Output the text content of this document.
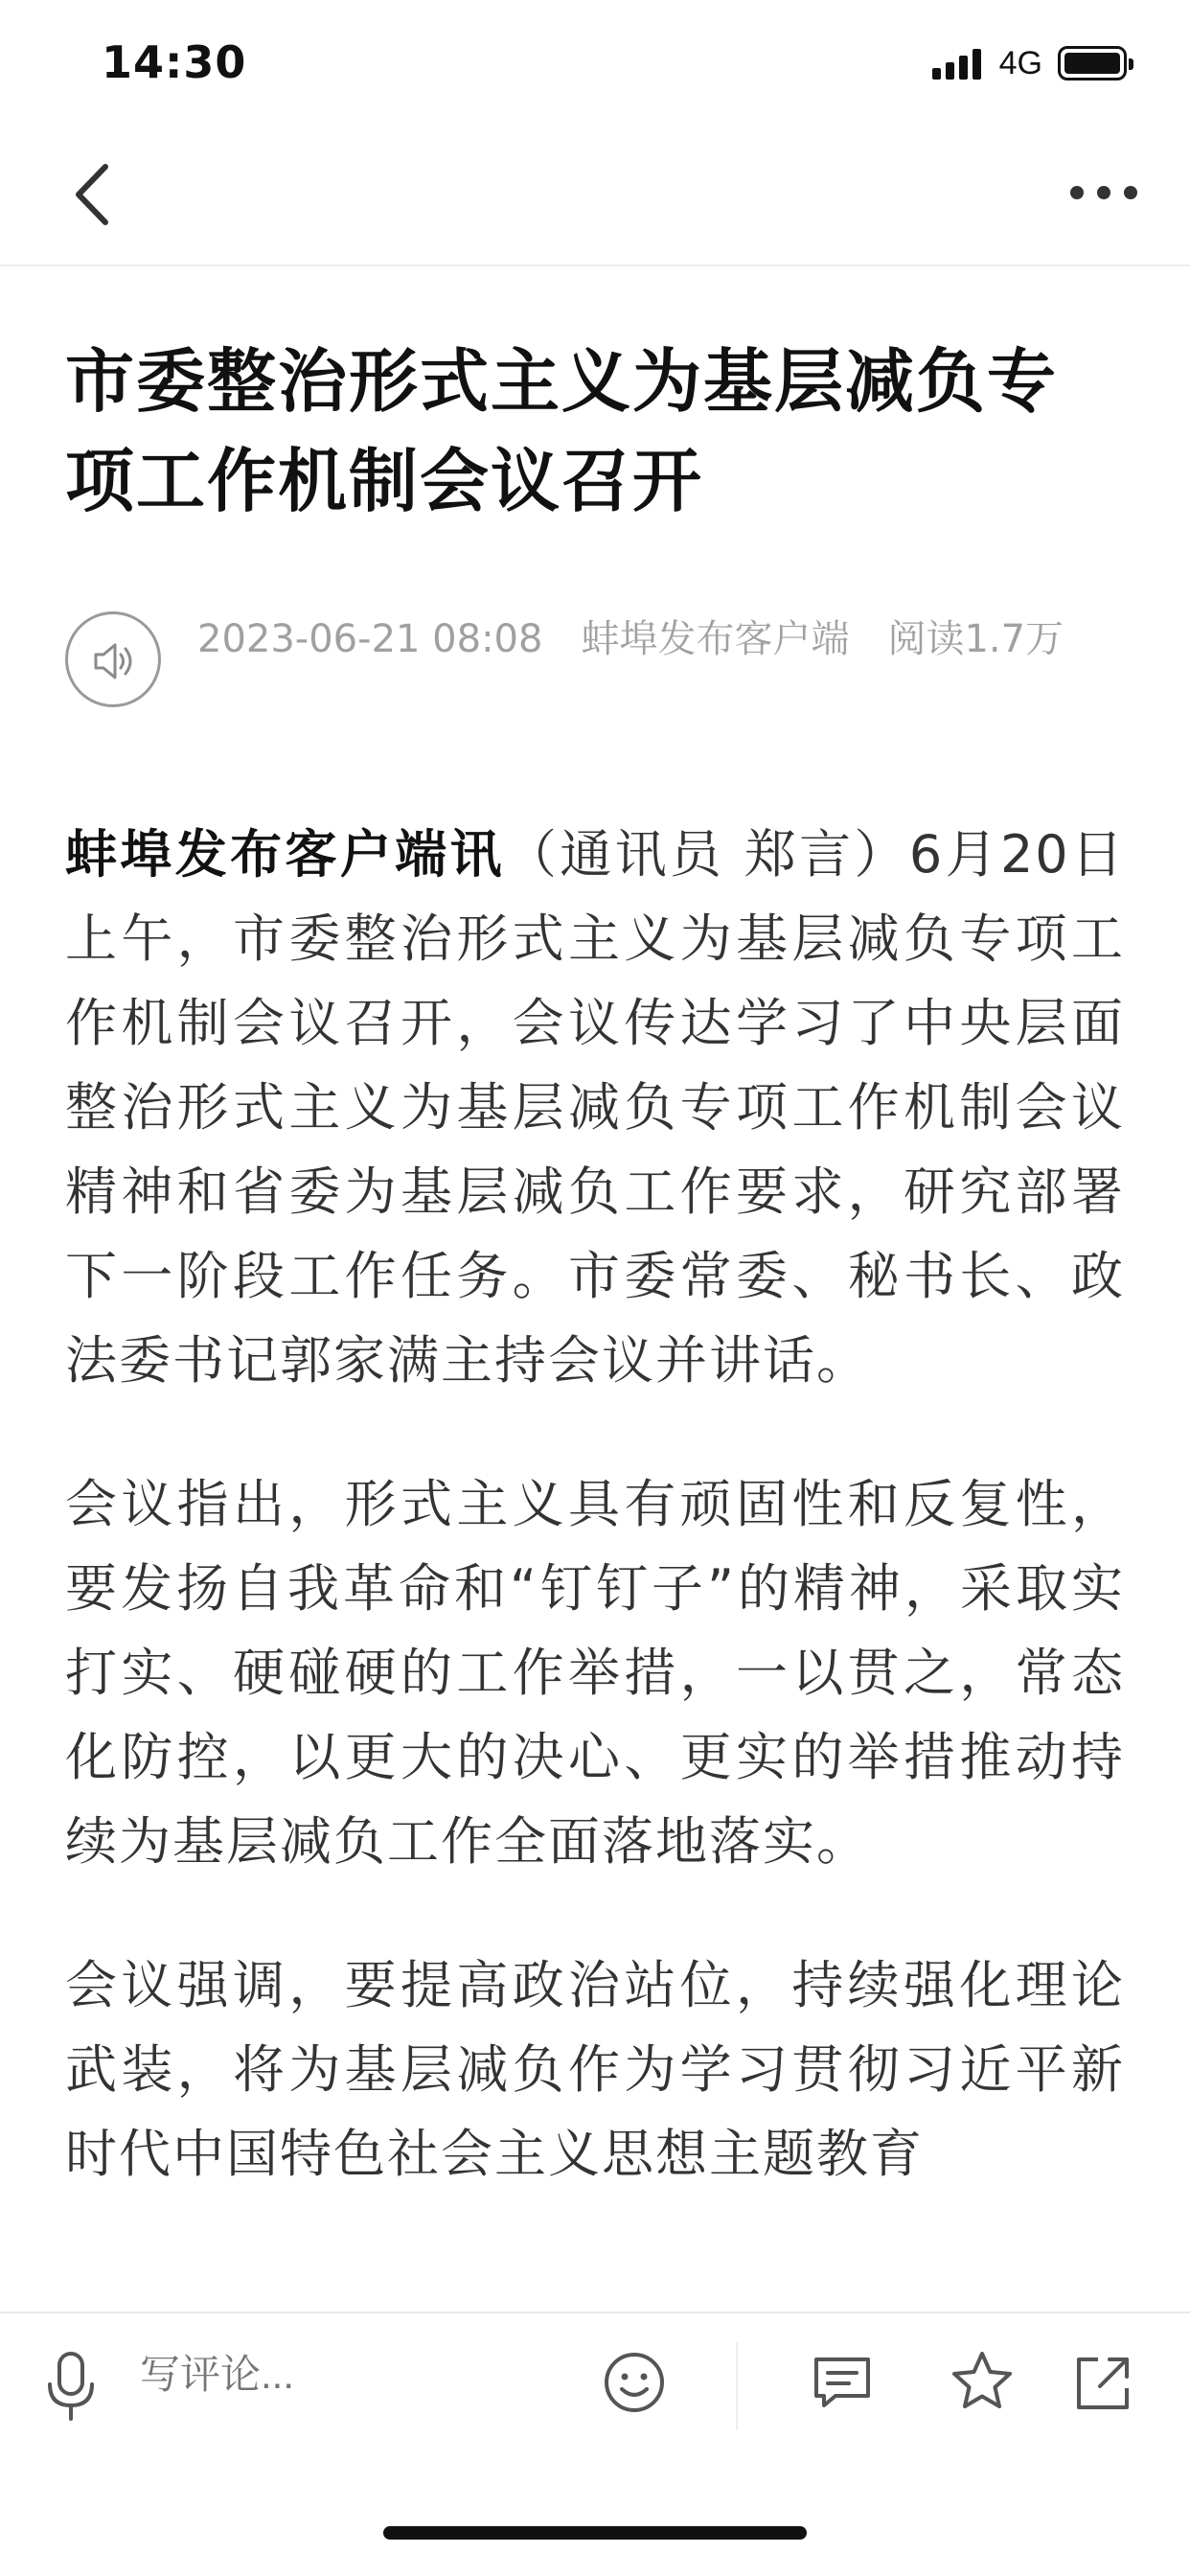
14:30	4G
市委整治形式主义为基层减负专项工作机制会议召开
2023-06-21 08:08 蚌埠发布客户端 阅读1.7万

蚌埠发布客户端讯（通讯员 郑言）6月20日上午，市委整治形式主义为基层减负专项工作机制会议召开，会议传达学习了中央层面整治形式主义为基层减负专项工作机制会议精神和省委为基层减负工作要求，研究部署下一阶段工作任务。市委常委、秘书长、政法委书记郭家满主持会议并讲话。

会议指出，形式主义具有顽固性和反复性，要发扬自我革命和“钉钉子”的精神，采取实打实、硬碰硬的工作举措，一以贯之，常态化防控，以更大的决心、更实的举措推动持续为基层减负工作全面落地落实。

会议强调，要提高政治站位，持续强化理论武装，将为基层减负作为学习贯彻习近平新时代中国特色社会主义思想主题教育

写评论...
